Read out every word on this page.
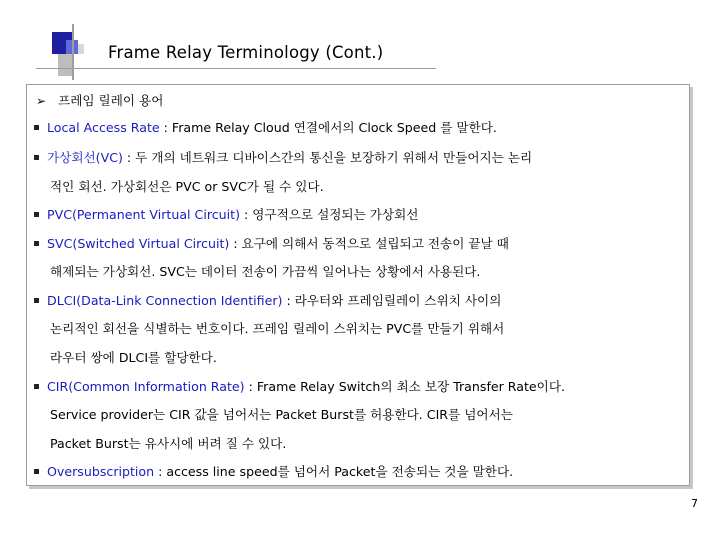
Frame Relay Terminology (Cont.)
➢ 프레임 릴레이 용어
Local Access Rate : Frame Relay Cloud 연결에서의 Clock Speed 를 말한다.
가상회선(VC) : 두 개의 네트워크 디바이스간의 통신을 보장하기 위해서 만들어지는 논리
적인 회선. 가상회선은 PVC or SVC가 될 수 있다.
PVC(Permanent Virtual Circuit) : 영구적으로 설정되는 가상회선
SVC(Switched Virtual Circuit) : 요구에 의해서 동적으로 설립되고 전송이 끝날 때
해제되는 가상회선. SVC는 데이터 전송이 가끔씩 일어나는 상황에서 사용된다.
DLCI(Data-Link Connection Identifier) : 라우터와 프레임릴레이 스위치 사이의
논리적인 회선을 식별하는 번호이다. 프레임 릴레이 스위치는 PVC를 만들기 위해서
라우터 쌍에 DLCI를 할당한다.
CIR(Common Information Rate) : Frame Relay Switch의 최소 보장 Transfer Rate이다.
Service provider는 CIR 값을 넘어서는 Packet Burst를 허용한다. CIR를 넘어서는
Packet Burst는 유사시에 버려 질 수 있다.
Oversubscription : access line speed를 넘어서 Packet을 전송되는 것을 말한다.
7
